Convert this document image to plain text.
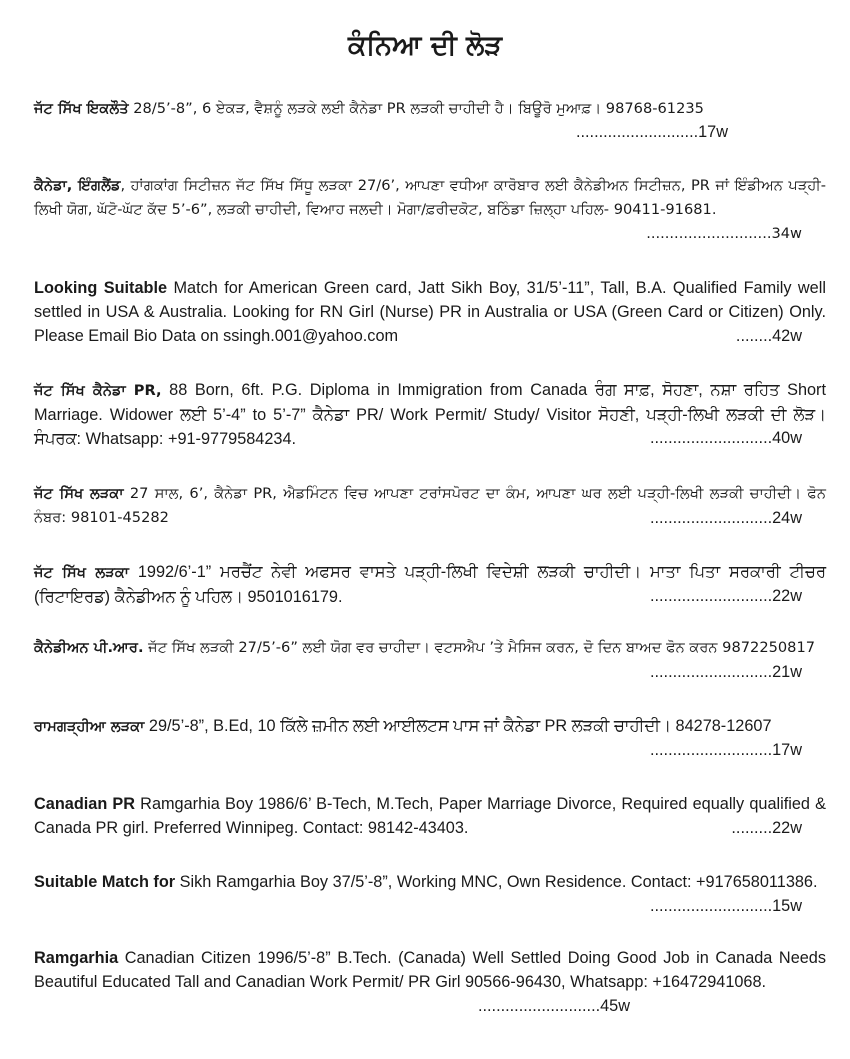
ਕੰਨਿਆ ਦੀ ਲੋੜ
ਜੱਟ ਸਿੱਖ ਇਕਲੌਤੇ 28/5’-8”, 6 ਏਕੜ, ਵੈਸ਼ਨੂੰ ਲੜਕੇ ਲਈ ਕੈਨੇਡਾ PR ਲੜਕੀ ਚਾਹੀਦੀ ਹੈ। ਬਿਊਰੋ ਮੁਆਫ਼। 98768-61235
...........................17w
ਕੈਨੇਡਾ, ਇੰਗਲੈਂਡ, ਹਾਂਗਕਾਂਗ ਸਿਟੀਜ਼ਨ ਜੱਟ ਸਿੱਖ ਸਿੱਧੂ ਲੜਕਾ 27/6’, ਆਪਣਾ ਵਧੀਆ ਕਾਰੋਬਾਰ ਲਈ ਕੈਨੇਡੀਅਨ ਸਿਟੀਜ਼ਨ, PR ਜਾਂ ਇੰਡੀਅਨ ਪੜ੍ਹੀ-ਲਿਖੀ ਯੋਗ, ਘੱਟੋ-ਘੱਟ ਕੱਦ 5’-6”, ਲੜਕੀ ਚਾਹੀਦੀ, ਵਿਆਹ ਜਲਦੀ। ਮੋਗਾ/ਫ਼ਰੀਦਕੋਟ, ਬਠਿੰਡਾ ਜ਼ਿਲ੍ਹਾ ਪਹਿਲ- 90411-91681.
...........................34w
Looking Suitable Match for American Green card, Jatt Sikh Boy, 31/5’-11”, Tall, B.A. Qualified Family well settled in USA & Australia. Looking for RN Girl (Nurse) PR in Australia or USA (Green Card or Citizen) Only. Please Email Bio Data on ssingh.001@yahoo.com	........42w
ਜੱਟ ਸਿੱਖ ਕੈਨੇਡਾ PR, 88 Born, 6ft. P.G. Diploma in Immigration from Canada ਰੰਗ ਸਾਫ਼, ਸੋਹਣਾ, ਨਸ਼ਾ ਰਹਿਤ Short Marriage. Widower ਲਈ 5’-4” to 5’-7” ਕੈਨੇਡਾ PR/ Work Permit/ Study/ Visitor ਸੋਹਣੀ, ਪੜ੍ਹੀ-ਲਿਖੀ ਲੜਕੀ ਦੀ ਲੋੜ। ਸੰਪਰਕ: Whatsapp: +91-9779584234.	...........................40w
ਜੱਟ ਸਿੱਖ ਲੜਕਾ 27 ਸਾਲ, 6’, ਕੈਨੇਡਾ PR, ਐਡਮਿੰਟਨ ਵਿਚ ਆਪਣਾ ਟਰਾਂਸਪੋਰਟ ਦਾ ਕੰਮ, ਆਪਣਾ ਘਰ ਲਈ ਪੜ੍ਹੀ-ਲਿਖੀ ਲੜਕੀ ਚਾਹੀਦੀ। ਫੋਨ ਨੰਬਰ: 98101-45282	...........................24w
ਜੱਟ ਸਿੱਖ ਲੜਕਾ 1992/6’-1” ਮਰਚੈਂਟ ਨੇਵੀ ਅਫਸਰ ਵਾਸਤੇ ਪੜ੍ਹੀ-ਲਿਖੀ ਵਿਦੇਸ਼ੀ ਲੜਕੀ ਚਾਹੀਦੀ। ਮਾਤਾ ਪਿਤਾ ਸਰਕਾਰੀ ਟੀਚਰ (ਰਿਟਾਇਰਡ) ਕੈਨੇਡੀਅਨ ਨੂੰ ਪਹਿਲ। 9501016179.	...........................22w
ਕੈਨੇਡੀਅਨ ਪੀ.ਆਰ. ਜੱਟ ਸਿੱਖ ਲੜਕੀ 27/5’-6” ਲਈ ਯੋਗ ਵਰ ਚਾਹੀਦਾ। ਵਟਸਐਪ ’ਤੇ ਮੈਸਿਜ ਕਰਨ, ਦੋ ਦਿਨ ਬਾਅਦ ਫੋਨ ਕਰਨ 9872250817
...........................21w
ਰਾਮਗੜ੍ਹੀਆ ਲੜਕਾ 29/5’-8”, B.Ed, 10 ਕਿੱਲੇ ਜ਼ਮੀਨ ਲਈ ਆਈਲਟਸ ਪਾਸ ਜਾਂ ਕੈਨੇਡਾ PR ਲੜਕੀ ਚਾਹੀਦੀ। 84278-12607
...........................17w
Canadian PR Ramgarhia Boy 1986/6’ B-Tech, M.Tech, Paper Marriage Divorce, Required equally qualified & Canada PR girl. Preferred Winnipeg. Contact: 98142-43403.	.........22w
Suitable Match for Sikh Ramgarhia Boy 37/5’-8”, Working MNC, Own Residence. Contact: +917658011386.
...........................15w
Ramgarhia Canadian Citizen 1996/5’-8” B.Tech. (Canada) Well Settled Doing Good Job in Canada Needs Beautiful Educated Tall and Canadian Work Permit/ PR Girl 90566-96430, Whatsapp: +16472941068.
...........................45w
